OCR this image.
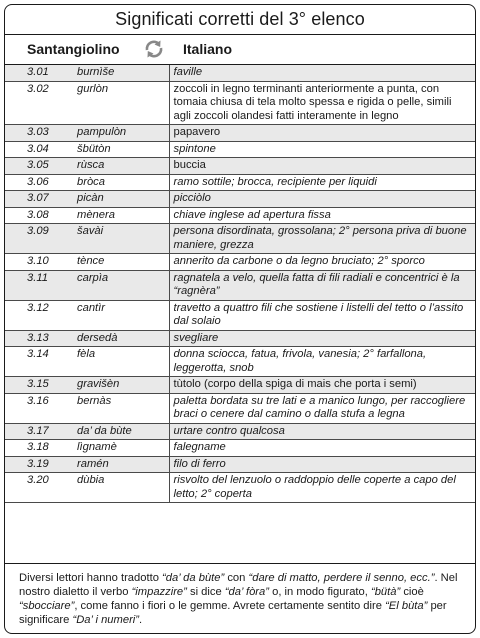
Significati corretti del 3° elenco
Santangiolino	Italiano
3.01 burnìše	faville

3.02 gurlòn	zoccoli in legno terminanti anteriormente a punta, con tomaia chiusa di tela molto spessa e rigida o pelle, simili agli zoccoli olandesi fatti interamente in legno

3.03 pampulòn	papavero

3.04 šbütòn	spintone

3.05 rùsca	buccia

3.06 bròca	ramo sottile; brocca, recipiente per liquidi

3.07 picàn	picciòlo

3.08 mènera	chiave inglese ad apertura fissa

3.09 šavài	persona disordinata, grossolana; 2° persona priva di buone maniere, grezza

3.10 tènce	annerito da carbone o da legno bruciato; 2° sporco

3.11 carpìa	ragnatela a velo, quella fatta di fili radiali e concentrici è la “ragnèra”

3.12 cantìr	travetto a quattro fili che sostiene i listelli del tetto o l’assito dal solaio

3.13 dersedà	svegliare

3.14 fèla	donna sciocca, fatua, frivola, vanesia; 2° farfallona, leggerotta, snob

3.15 gravišèn	tùtolo (corpo della spiga di mais che porta i semi)

3.16 bernàs	paletta bordata su tre lati e a manico lungo, per raccogliere braci o cenere dal camino o dalla stufa a legna

3.17 da’ da bùte	urtare contro qualcosa

3.18 lìgnamè	falegname

3.19 ramén	filo di ferro

3.20 dùbia	risvolto del lenzuolo o raddoppio delle coperte a capo del letto; 2° coperta
Diversi lettori hanno tradotto “da’ da bùte” con “dare di matto, perdere il senno, ecc.”. Nel nostro dialetto il verbo “impazzire” si dice “da’ fòra” o, in modo figurato, “bütà” cioè “sbocciare”, come fanno i fiori o le gemme. Avrete certamente sentito dire “El bùta” per significare “Da’ i numeri”.
